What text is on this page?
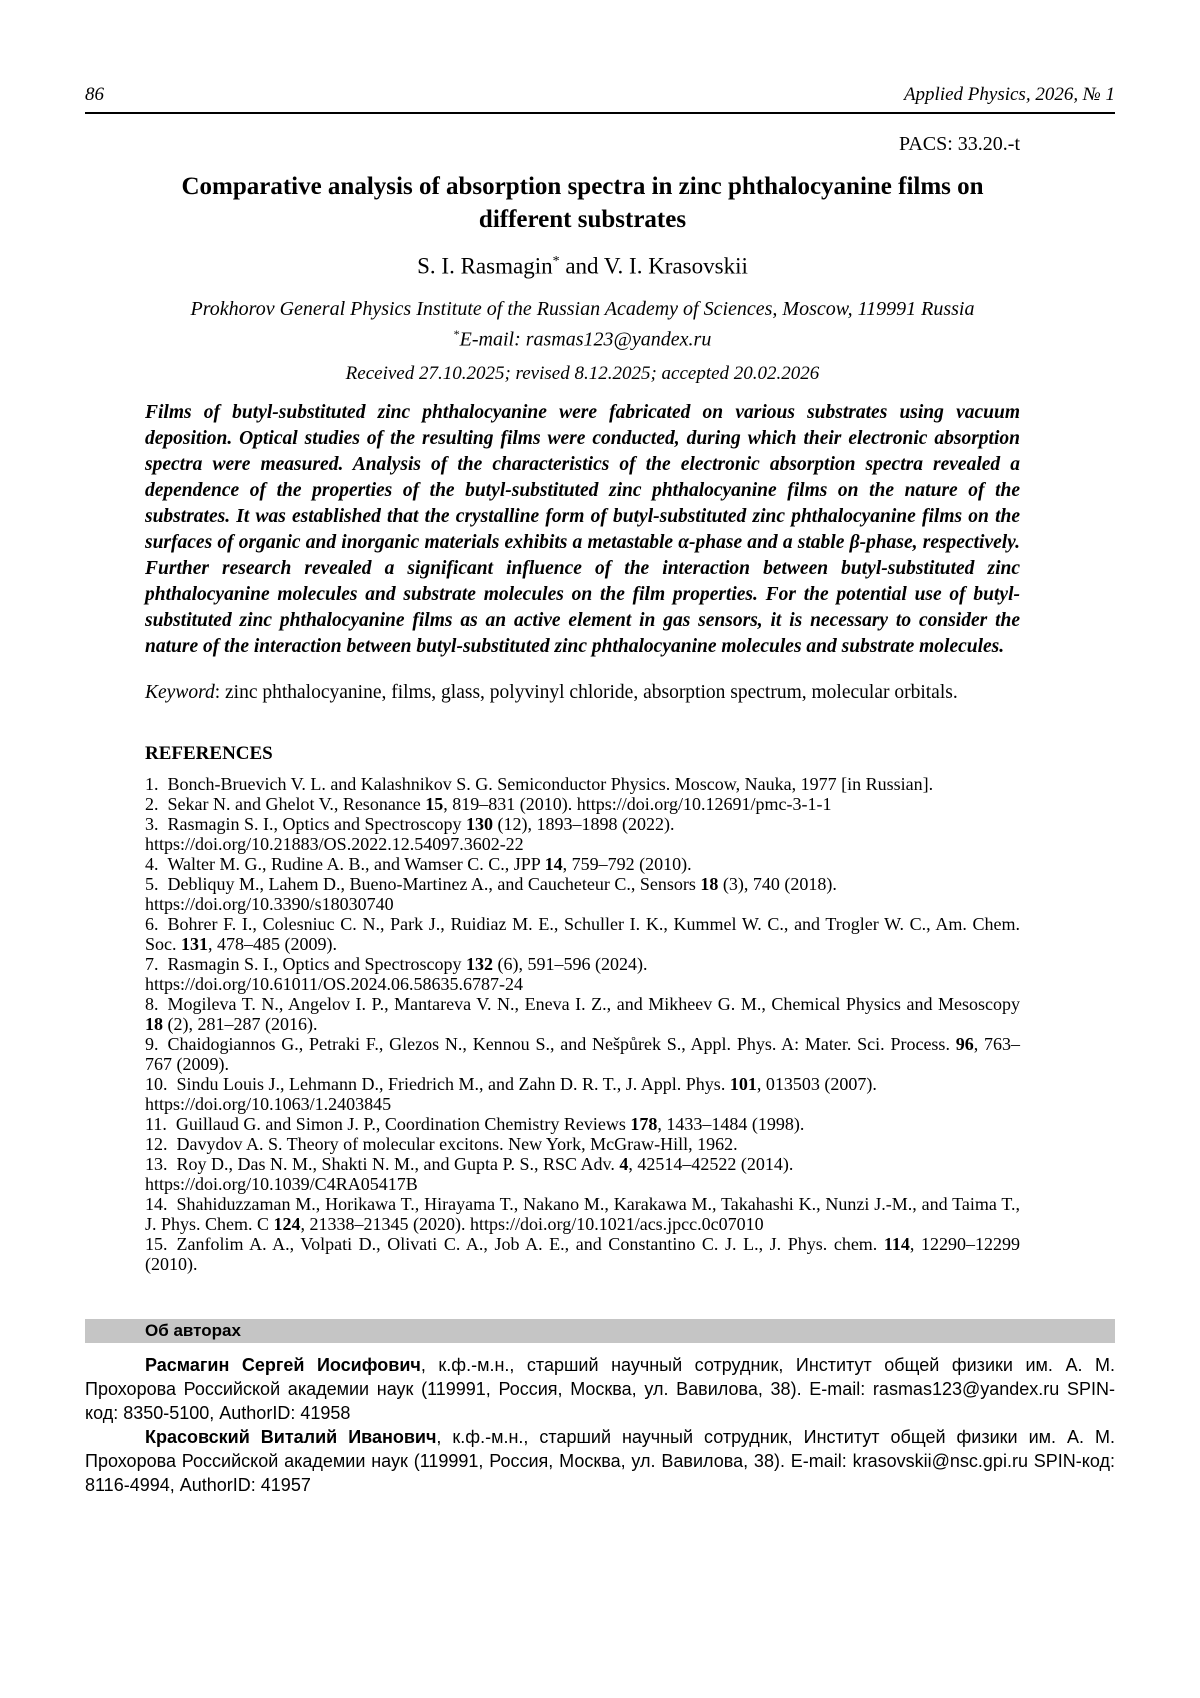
86	Applied Physics, 2026, № 1
PACS: 33.20.-t
Comparative analysis of absorption spectra in zinc phthalocyanine films on different substrates
S. I. Rasmagin* and V. I. Krasovskii
Prokhorov General Physics Institute of the Russian Academy of Sciences, Moscow, 119991 Russia
*E-mail: rasmas123@yandex.ru
Received 27.10.2025; revised 8.12.2025; accepted 20.02.2026

Films of butyl-substituted zinc phthalocyanine were fabricated on various substrates using vacuum deposition. Optical studies of the resulting films were conducted, during which their electronic absorption spectra were measured. Analysis of the characteristics of the electronic absorption spectra revealed a dependence of the properties of the butyl-substituted zinc phthalocyanine films on the nature of the substrates. It was established that the crystalline form of butyl-substituted zinc phthalocyanine films on the surfaces of organic and inorganic materials exhibits a metastable α-phase and a stable β-phase, respectively. Further research revealed a significant influence of the interaction between butyl-substituted zinc phthalocyanine molecules and substrate molecules on the film properties. For the potential use of butyl-substituted zinc phthalocyanine films as an active element in gas sensors, it is necessary to consider the nature of the interaction between butyl-substituted zinc phthalocyanine molecules and substrate molecules.

Keyword: zinc phthalocyanine, films, glass, polyvinyl chloride, absorption spectrum, molecular orbitals.

REFERENCES
1. Bonch-Bruevich V. L. and Kalashnikov S. G. Semiconductor Physics. Moscow, Nauka, 1977 [in Russian].
2. Sekar N. and Ghelot V., Resonance 15, 819–831 (2010). https://doi.org/10.12691/pmc-3-1-1
3. Rasmagin S. I., Optics and Spectroscopy 130 (12), 1893–1898 (2022).
https://doi.org/10.21883/OS.2022.12.54097.3602-22
4. Walter M. G., Rudine A. B., and Wamser C. C., JPP 14, 759–792 (2010).
5. Debliquy M., Lahem D., Bueno-Martinez A., and Caucheteur C., Sensors 18 (3), 740 (2018).
https://doi.org/10.3390/s18030740
6. Bohrer F. I., Colesniuc C. N., Park J., Ruidiaz M. E., Schuller I. K., Kummel W. C., and Trogler W. C., Am. Chem. Soc. 131, 478–485 (2009).
7. Rasmagin S. I., Optics and Spectroscopy 132 (6), 591–596 (2024).
https://doi.org/10.61011/OS.2024.06.58635.6787-24
8. Mogileva T. N., Angelov I. P., Mantareva V. N., Eneva I. Z., and Mikheev G. M., Chemical Physics and Mesoscopy 18 (2), 281–287 (2016).
9. Chaidogiannos G., Petraki F., Glezos N., Kennou S., and Nešpůrek S., Appl. Phys. A: Mater. Sci. Process. 96, 763–767 (2009).
10. Sindu Louis J., Lehmann D., Friedrich M., and Zahn D. R. T., J. Appl. Phys. 101, 013503 (2007).
https://doi.org/10.1063/1.2403845
11. Guillaud G. and Simon J. P., Coordination Chemistry Reviews 178, 1433–1484 (1998).
12. Davydov A. S. Theory of molecular excitons. New York, McGraw-Hill, 1962.
13. Roy D., Das N. M., Shakti N. M., and Gupta P. S., RSC Adv. 4, 42514–42522 (2014).
https://doi.org/10.1039/C4RA05417B
14. Shahiduzzaman M., Horikawa T., Hirayama T., Nakano M., Karakawa M., Takahashi K., Nunzi J.-M., and Taima T., J. Phys. Chem. C 124, 21338–21345 (2020). https://doi.org/10.1021/acs.jpcc.0c07010
15. Zanfolim A. A., Volpati D., Olivati C. A., Job A. E., and Constantino C. J. L., J. Phys. chem. 114, 12290–12299 (2010).
Об авторах

Расмагин Сергей Иосифович, к.ф.-м.н., старший научный сотрудник, Институт общей физики им. А. М. Прохорова Российской академии наук (119991, Россия, Москва, ул. Вавилова, 38). E-mail: rasmas123@yandex.ru SPIN-код: 8350-5100, AuthorID: 41958

Красовский Виталий Иванович, к.ф.-м.н., старший научный сотрудник, Институт общей физики им. А. М. Прохорова Российской академии наук (119991, Россия, Москва, ул. Вавилова, 38). E-mail: krasovskii@nsc.gpi.ru SPIN-код: 8116-4994, AuthorID: 41957
